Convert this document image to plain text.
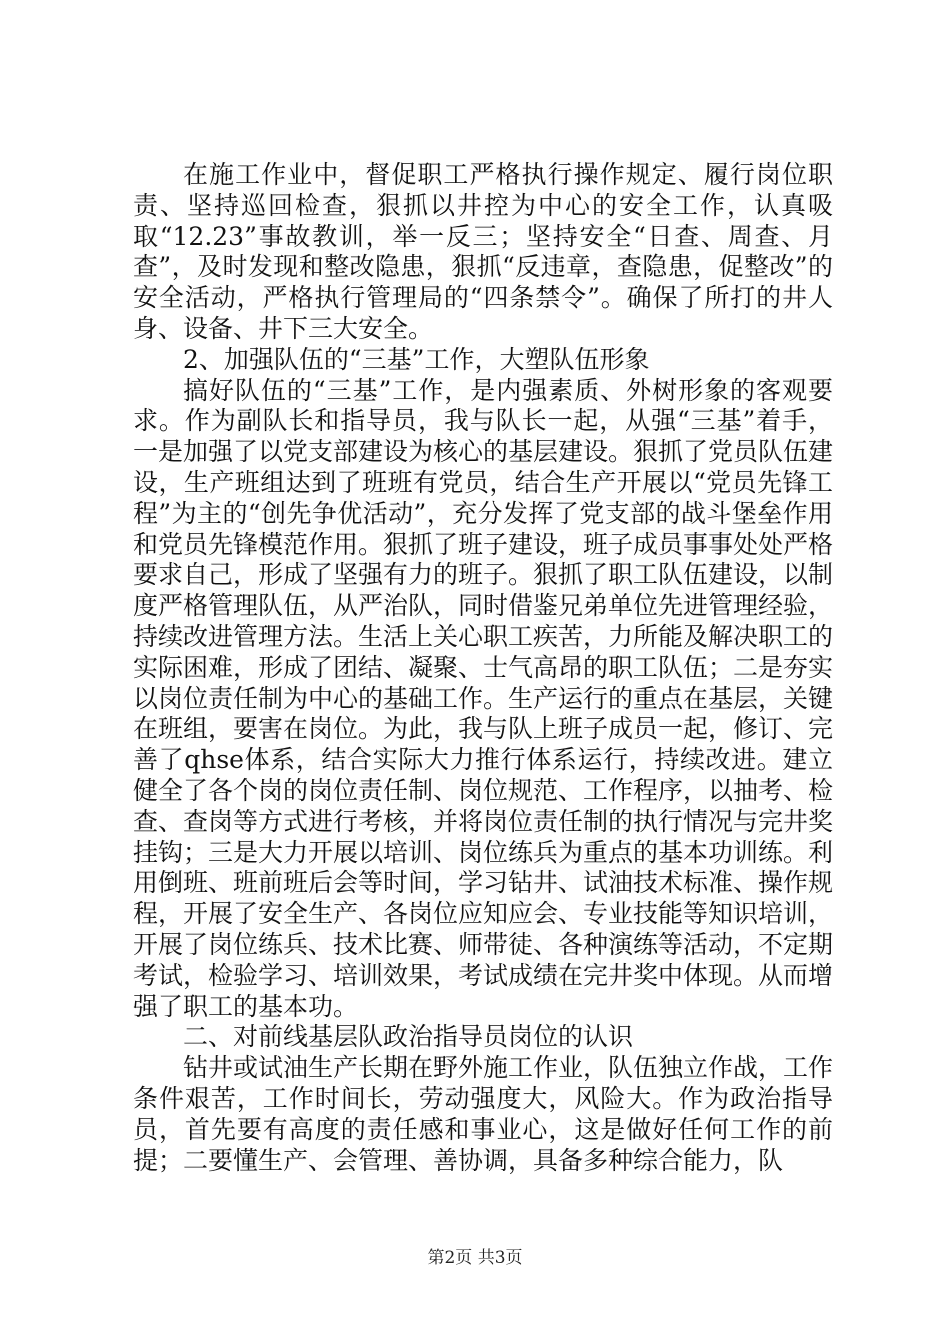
在施工作业中，督促职工严格执行操作规定、履行岗位职责、坚持巡回检查，狠抓以井控为中心的安全工作，认真吸取“12.23”事故教训，举一反三；坚持安全“日查、周查、月查”，及时发现和整改隐患，狠抓“反违章，查隐患，促整改”的安全活动，严格执行管理局的“四条禁令”。确保了所打的井人身、设备、井下三大安全。

2、加强队伍的“三基”工作，大塑队伍形象

搞好队伍的“三基”工作，是内强素质、外树形象的客观要求。作为副队长和指导员，我与队长一起，从强“三基”着手，一是加强了以党支部建设为核心的基层建设。狠抓了党员队伍建设，生产班组达到了班班有党员，结合生产开展以“党员先锋工程”为主的“创先争优活动”，充分发挥了党支部的战斗堡垒作用和党员先锋模范作用。狠抓了班子建设，班子成员事事处处严格要求自己，形成了坚强有力的班子。狠抓了职工队伍建设，以制度严格管理队伍，从严治队，同时借鉴兄弟单位先进管理经验，持续改进管理方法。生活上关心职工疾苦，力所能及解决职工的实际困难，形成了团结、凝聚、士气高昂的职工队伍；二是夯实以岗位责任制为中心的基础工作。生产运行的重点在基层，关键在班组，要害在岗位。为此，我与队上班子成员一起，修订、完善了qhse体系，结合实际大力推行体系运行，持续改进。建立健全了各个岗的岗位责任制、岗位规范、工作程序，以抽考、检查、查岗等方式进行考核，并将岗位责任制的执行情况与完井奖挂钩；三是大力开展以培训、岗位练兵为重点的基本功训练。利用倒班、班前班后会等时间，学习钻井、试油技术标准、操作规程，开展了安全生产、各岗位应知应会、专业技能等知识培训，开展了岗位练兵、技术比赛、师带徒、各种演练等活动，不定期考试，检验学习、培训效果，考试成绩在完井奖中体现。从而增强了职工的基本功。

二、对前线基层队政治指导员岗位的认识

钻井或试油生产长期在野外施工作业，队伍独立作战，工作条件艰苦，工作时间长，劳动强度大，风险大。作为政治指导员，首先要有高度的责任感和事业心，这是做好任何工作的前提；二要懂生产、会管理、善协调，具备多种综合能力，队

第2页 共3页
